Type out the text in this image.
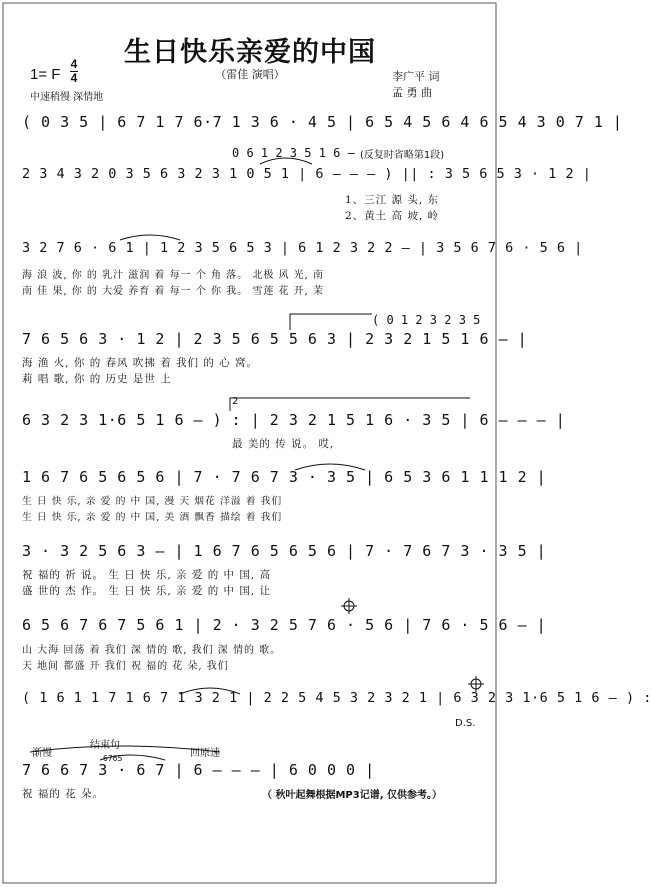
生日快乐亲爱的中国
（雷佳 演唱）
1= F
4
4
中速稍慢 深情地
李广平 词
孟 勇 曲
( 0 3 5 | 6 7 1 7 6·7 1 3 6 · 4 5 | 6 5 4 5 6 4 6 5 4 3 0 7 1 |
0 6 1 2 3 5 1 6 – (反复时省略第1段)
2 3 4 3 2 0 3 5 6 3 2 3 1 0 5 1 | 6 – – – ) || : 3 5 6 5 3 · 1 2 |
1、三江 源 头, 东
2、黄土 高 坡, 岭
3 2 7 6 · 6 1 | 1 2 3 5 6 5 3 | 6 1 2 3 2 2 – | 3 5 6 7 6 · 5 6 |
海 浪 波, 你 的 乳汁 滋润 着 每一 个 角 落。 北极 风 光, 南
南 佳 果, 你 的 大爱 养育 着 每一 个 你 我。 雪莲 花 开, 茉
( 0 1 2 3 2 3 5
7 6 5 6 3 · 1 2 | 2 3 5 6 5 5 6 3 | 2 3 2 1 5 1 6 – |
海 渔 火, 你 的 春风 吹拂 着 我们 的 心 窝。
莉 唱 歌, 你 的 历史 是世 上
2
6 3 2 3 1·6 5 1 6 – ) : | 2 3 2 1 5 1 6 · 3 5 | 6 – – – |
最 美的 传 说。 哎,
1 6 7 6 5 6 5 6 | 7 · 7 6 7 3 · 3 5 | 6 5 3 6 1 1 1 2 |
生 日 快 乐, 亲 爱 的 中 国, 漫 天 烟花 洋溢 着 我们
生 日 快 乐, 亲 爱 的 中 国, 美 酒 飘香 描绘 着 我们
3 · 3 2 5 6 3 – | 1 6 7 6 5 6 5 6 | 7 · 7 6 7 3 · 3 5 |
祝 福的 祈 说。 生 日 快 乐, 亲 爱 的 中 国, 高
盛 世的 杰 作。 生 日 快 乐, 亲 爱 的 中 国, 让
6 5 6 7 6 7 5 6 1 | 2 · 3 2 5 7 6 · 5 6 | 7 6 · 5 6 – |
山 大海 回荡 着 我们 深 情的 歌, 我们 深 情的 歌。
天 地间 都盛 开 我们 祝 福的 花 朵, 我们
( 1 6 1 1 7 1 6 7 1 3 2 1 | 2 2 5 4 5 3 2 3 2 1 | 6 3 2 3 1·6 5 1 6 – ) :
D.S.
渐慢
结束句
回原速
6765
7 6 6 7 3 · 6 7 | 6 – – – | 6 0 0 0 |
祝 福的 花 朵。	（ 秋叶起舞根据MP3记谱, 仅供参考。）
